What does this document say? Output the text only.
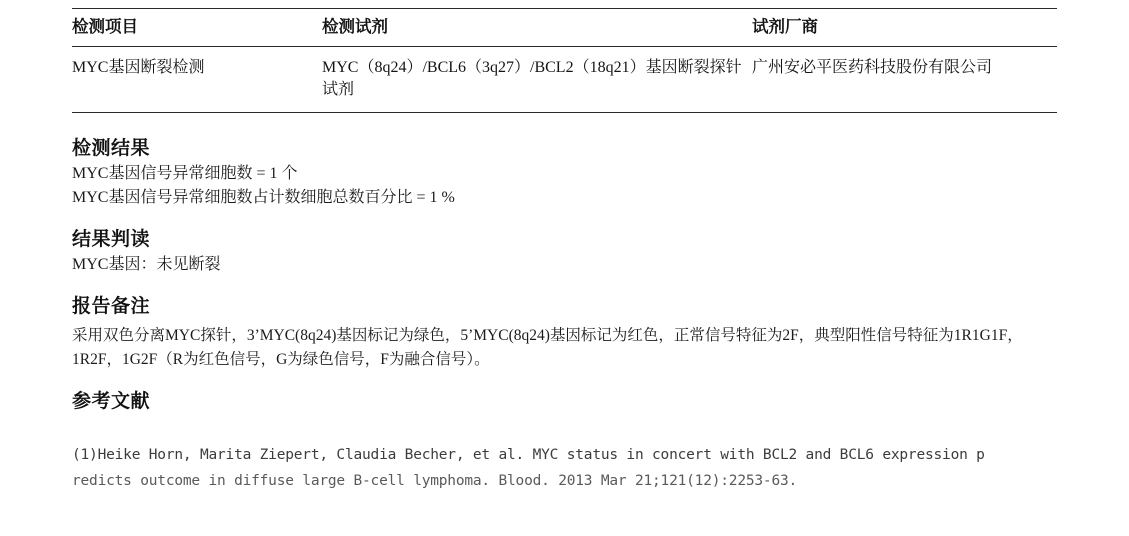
检测项目	检测试剂	试剂厂商
MYC基因断裂检测	MYC（8q24）/BCL6（3q27）/BCL2（18q21）基因断裂探针试剂	广州安必平医药科技股份有限公司
检测结果

MYC基因信号异常细胞数 = 1 个

MYC基因信号异常细胞数占计数细胞总数百分比 = 1 %

结果判读

MYC基因：未见断裂

报告备注

采用双色分离MYC探针，3’MYC(8q24)基因标记为绿色，5’MYC(8q24)基因标记为红色，正常信号特征为2F，典型阳性信号特征为1R1G1F，1R2F，1G2F（R为红色信号，G为绿色信号，F为融合信号）。

参考文献
(1)Heike Horn, Marita Ziepert, Claudia Becher, et al. MYC status in concert with BCL2 and BCL6 expression p
redicts outcome in diffuse large B-cell lymphoma. Blood. 2013 Mar 21;121(12):2253-63.
